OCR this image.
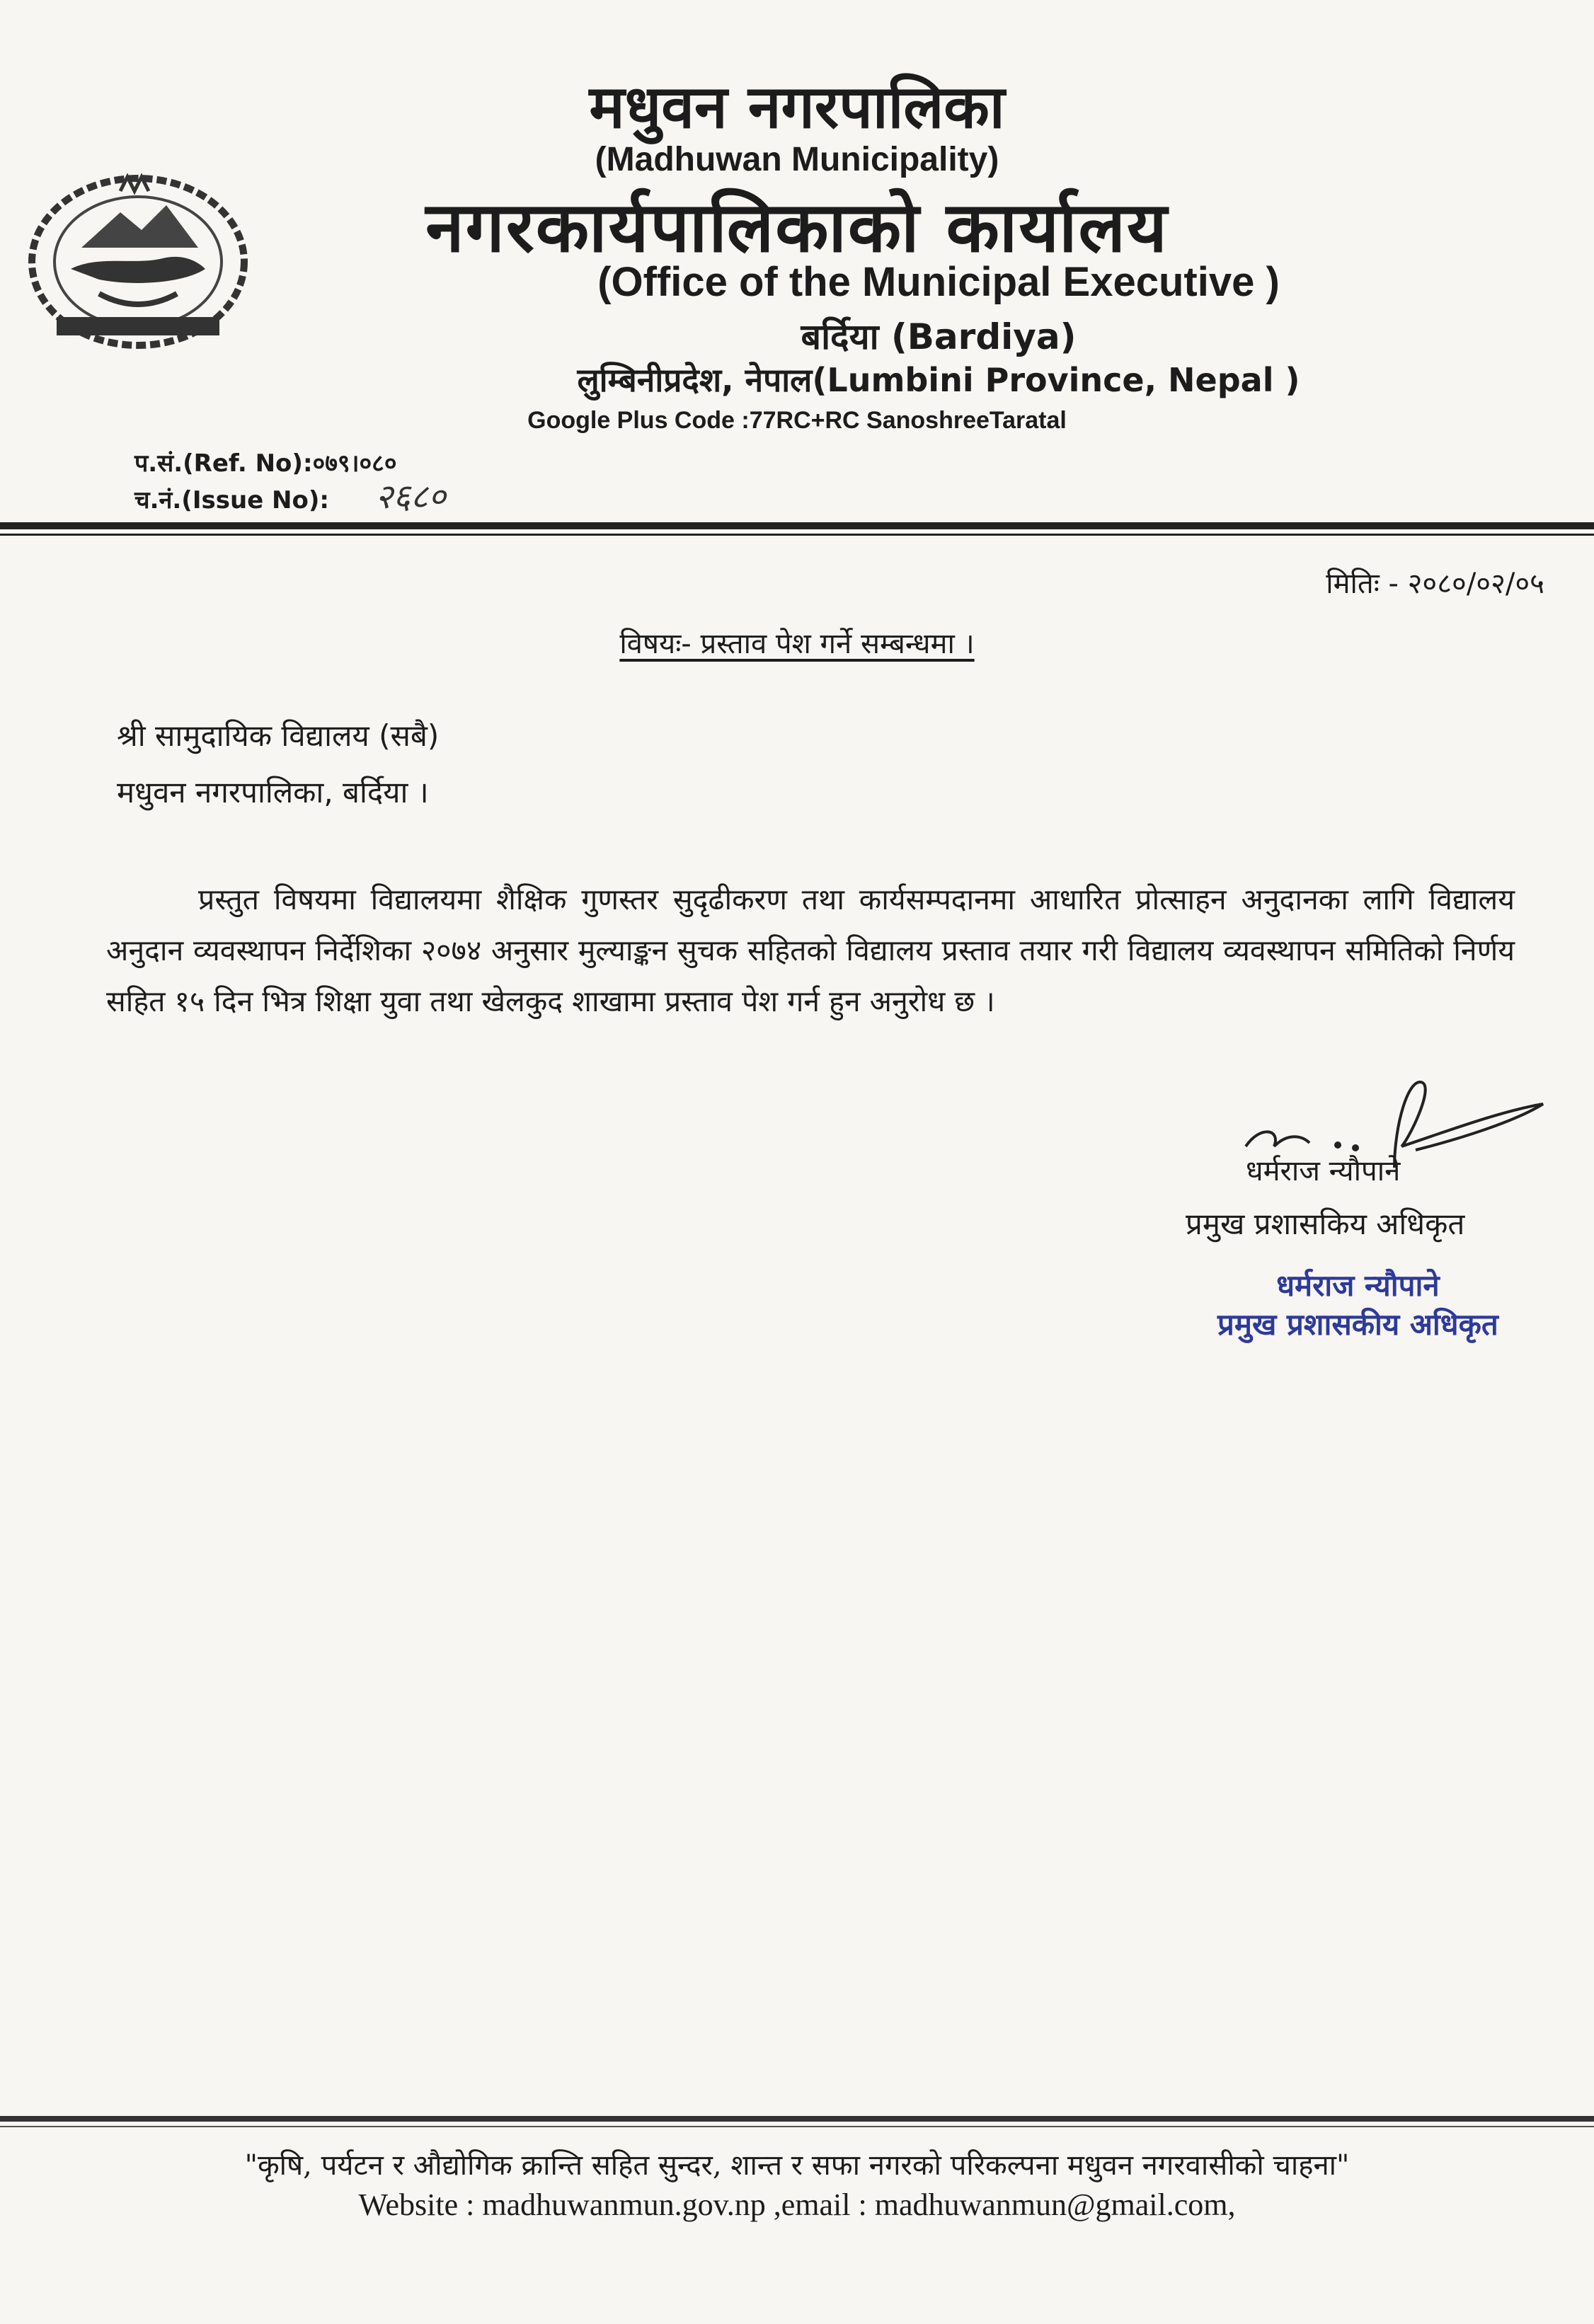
मधुवन नगरपालिका
(Madhuwan Municipality)
नगरकार्यपालिकाको कार्यालय
(Office of the Municipal Executive )
बर्दिया (Bardiya)
लुम्बिनीप्रदेश, नेपाल(Lumbini Province, Nepal )
Google Plus Code :77RC+RC SanoshreeTaratal
प.सं.(Ref. No):०७९।०८०
च.नं.(Issue No): २६८०
मितिः - २०८०/०२/०५
विषयः- प्रस्ताव पेश गर्ने सम्बन्धमा ।
श्री सामुदायिक विद्यालय (सबै)
मधुवन नगरपालिका, बर्दिया ।
प्रस्तुत विषयमा विद्यालयमा शैक्षिक गुणस्तर सुदृढीकरण तथा कार्यसम्पदानमा आधारित प्रोत्साहन अनुदानका लागि विद्यालय अनुदान व्यवस्थापन निर्देशिका २०७४ अनुसार मुल्याङ्कन सुचक सहितको विद्यालय प्रस्ताव तयार गरी विद्यालय व्यवस्थापन समितिको निर्णय सहित १५ दिन भित्र शिक्षा युवा तथा खेलकुद शाखामा प्रस्ताव पेश गर्न हुन अनुरोध छ ।
धर्मराज न्यौपाने
प्रमुख प्रशासकिय अधिकृत
धर्मराज न्यौपाने
प्रमुख प्रशासकीय अधिकृत
"कृषि, पर्यटन र औद्योगिक क्रान्ति सहित सुन्दर, शान्त र सफा नगरको परिकल्पना मधुवन नगरवासीको चाहना"
Website : madhuwanmun.gov.np ,email : madhuwanmun@gmail.com,
